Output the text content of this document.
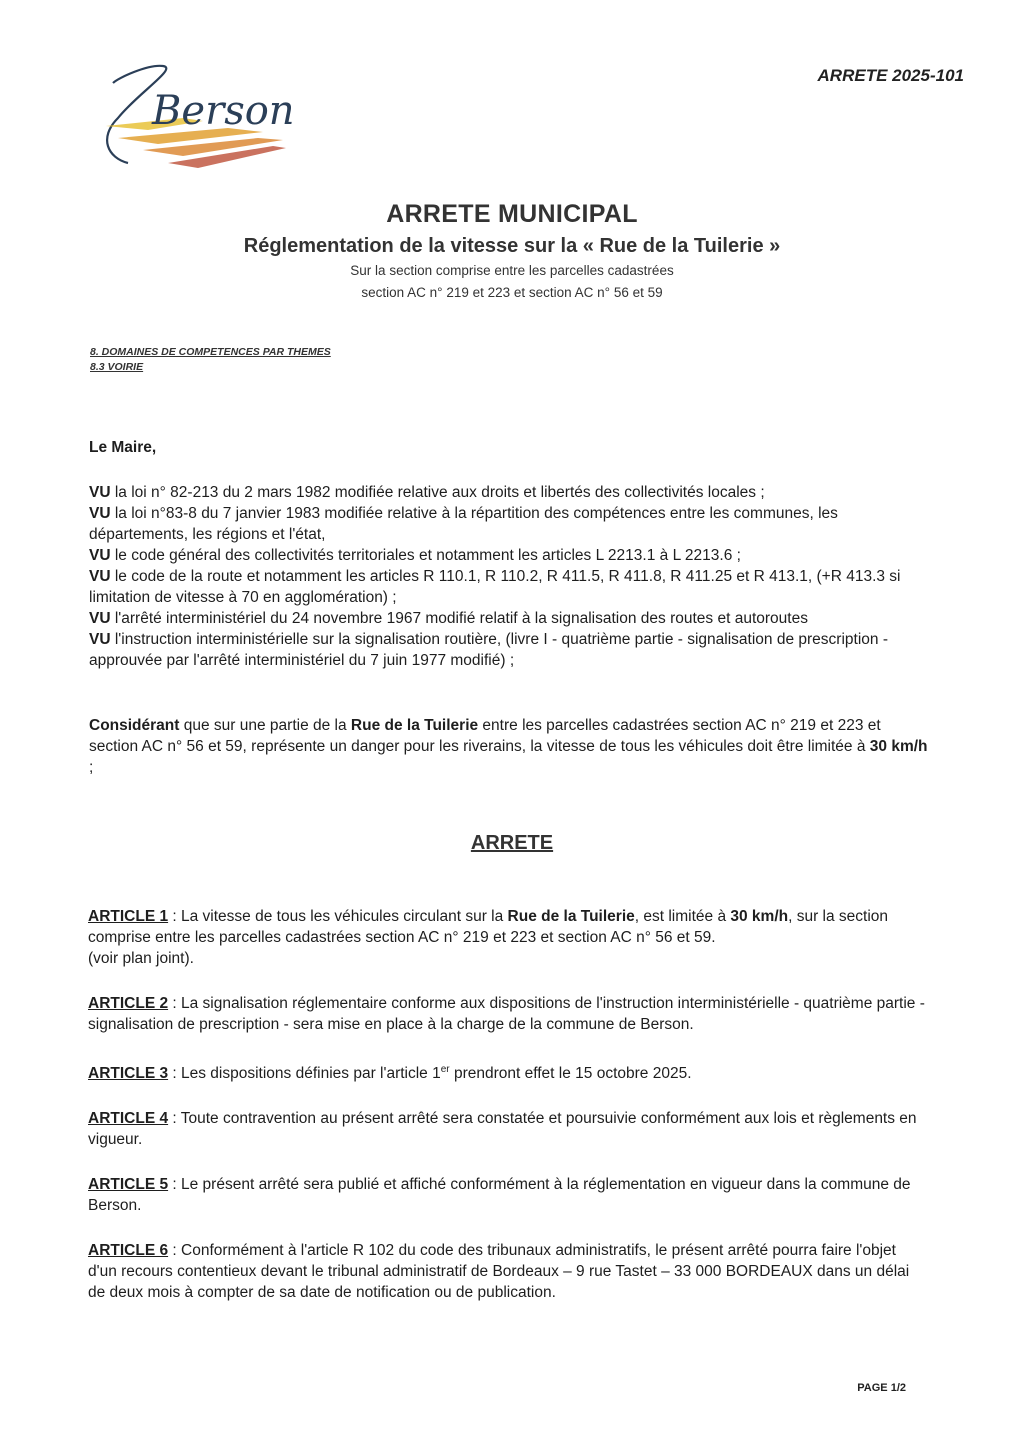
Berson
ARRETE 2025-101
ARRETE MUNICIPAL
Réglementation de la vitesse sur la « Rue de la Tuilerie »
Sur la section comprise entre les parcelles cadastrées
section AC n° 219 et 223 et section AC n° 56 et 59
8. DOMAINES DE COMPETENCES PAR THEMES
8.3 VOIRIE
Le Maire,

VU la loi n° 82-213 du 2 mars 1982 modifiée relative aux droits et libertés des collectivités locales ;

VU la loi n°83-8 du 7 janvier 1983 modifiée relative à la répartition des compétences entre les communes, les départements, les régions et l'état,

VU le code général des collectivités territoriales et notamment les articles L 2213.1 à L 2213.6 ;

VU le code de la route et notamment les articles R 110.1, R 110.2, R 411.5, R 411.8, R 411.25 et R 413.1, (+R 413.3 si limitation de vitesse à 70 en agglomération) ;

VU l'arrêté interministériel du 24 novembre 1967 modifié relatif à la signalisation des routes et autoroutes

VU l'instruction interministérielle sur la signalisation routière, (livre I - quatrième partie - signalisation de prescription - approuvée par l'arrêté interministériel du 7 juin 1977 modifié) ;

Considérant que sur une partie de la Rue de la Tuilerie entre les parcelles cadastrées section AC n° 219 et 223 et section AC n° 56 et 59, représente un danger pour les riverains, la vitesse de tous les véhicules doit être limitée à 30 km/h ;

ARRETE

ARTICLE 1 : La vitesse de tous les véhicules circulant sur la Rue de la Tuilerie, est limitée à 30 km/h, sur la section comprise entre les parcelles cadastrées section AC n° 219 et 223 et section AC n° 56 et 59.

(voir plan joint).

ARTICLE 2 : La signalisation réglementaire conforme aux dispositions de l'instruction interministérielle - quatrième partie - signalisation de prescription - sera mise en place à la charge de la commune de Berson.

ARTICLE 3 : Les dispositions définies par l'article 1er prendront effet le 15 octobre 2025.

ARTICLE 4 : Toute contravention au présent arrêté sera constatée et poursuivie conformément aux lois et règlements en vigueur.

ARTICLE 5 : Le présent arrêté sera publié et affiché conformément à la réglementation en vigueur dans la commune de Berson.

ARTICLE 6 : Conformément à l'article R 102 du code des tribunaux administratifs, le présent arrêté pourra faire l'objet d'un recours contentieux devant le tribunal administratif de Bordeaux – 9 rue Tastet – 33 000 BORDEAUX dans un délai de deux mois à compter de sa date de notification ou de publication.

PAGE 1/2
